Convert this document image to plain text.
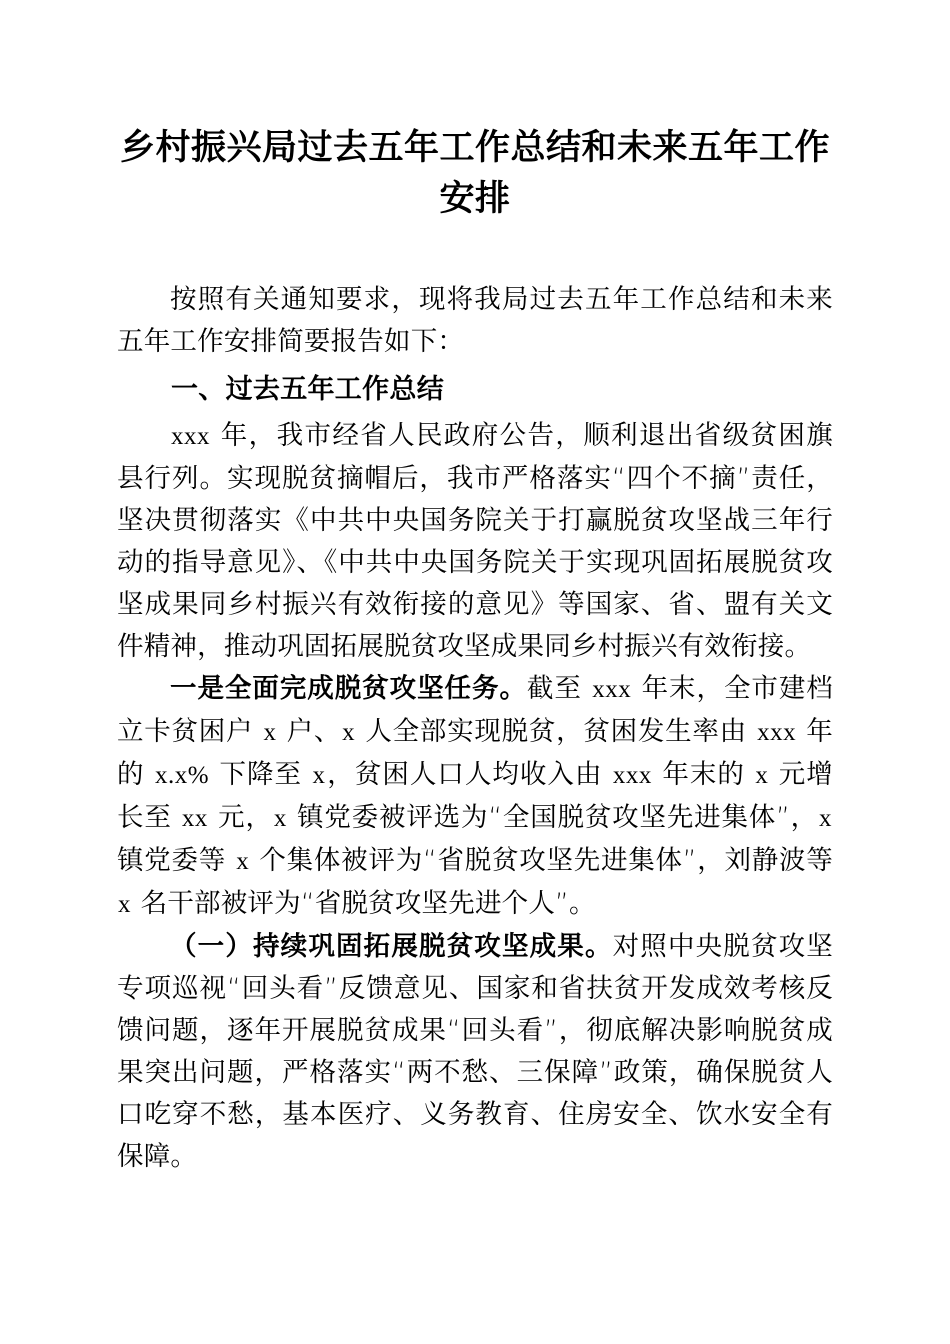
乡村振兴局过去五年工作总结和未来五年工作安排

按照有关通知要求，现将我局过去五年工作总结和未来五年工作安排简要报告如下：

一、过去五年工作总结

xxx 年，我市经省人民政府公告，顺利退出省级贫困旗县行列。实现脱贫摘帽后，我市严格落实“四个不摘”责任，坚决贯彻落实《中共中央国务院关于打赢脱贫攻坚战三年行动的指导意见》、《中共中央国务院关于实现巩固拓展脱贫攻坚成果同乡村振兴有效衔接的意见》等国家、省、盟有关文件精神，推动巩固拓展脱贫攻坚成果同乡村振兴有效衔接。

一是全面完成脱贫攻坚任务。截至 xxx 年末，全市建档立卡贫困户 x 户、x 人全部实现脱贫，贫困发生率由 xxx 年的 x.x% 下降至 x，贫困人口人均收入由 xxx 年末的 x 元增长至 xx 元，x 镇党委被评选为“全国脱贫攻坚先进集体”，x 镇党委等 x 个集体被评为“省脱贫攻坚先进集体”，刘静波等 x 名干部被评为“省脱贫攻坚先进个人”。

（一）持续巩固拓展脱贫攻坚成果。对照中央脱贫攻坚专项巡视“回头看”反馈意见、国家和省扶贫开发成效考核反馈问题，逐年开展脱贫成果“回头看”，彻底解决影响脱贫成果突出问题，严格落实“两不愁、三保障”政策，确保脱贫人口吃穿不愁，基本医疗、义务教育、住房安全、饮水安全有保障。
